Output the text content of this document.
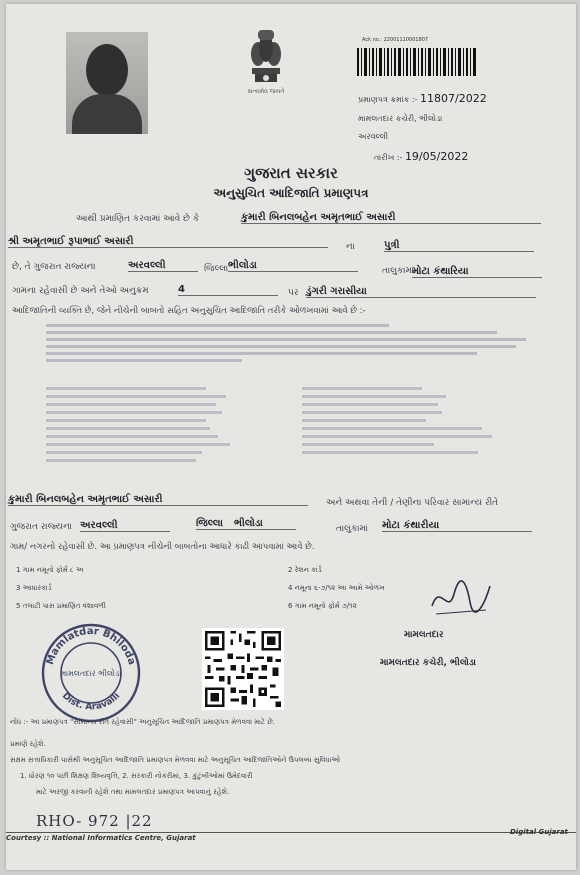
સત્યમેવ જયતે
Ack no.: 22001110001807
પ્રમાણપત્ર ક્રમાંક :- 11807/2022
મામલતદાર કચેરી, ભીલોડા
અરવલ્લી
તારીખ :- 19/05/2022
ગુજરાત સરકાર
અનુસુચિત આદિજાતિ પ્રમાણપત્ર
આથી પ્રમાણિત કરવામાં આવે છે કે	કુમારી બિનલબહેન અમૃતભાઈ અસારી
શ્રી અમૃતભાઈ રૂપાભાઈ અસારી	ના	પુત્રી
છે, તે ગુજરાત રાજ્યના	અરવલ્લી	જિલ્લા ભીલોડા	તાલુકામાં
મોટા કંથારિયા
ગામના રહેવાસી છે અને તેઓ અનુક્રમ	4	પર ડુંગરી ગરાસીયા
આદિજાતિની વ્યક્તિ છે, જેને નીચેની બાબતો સહિત અનુસુચિત આદિજાતિ તરીકે ઓળખવામાં આવે છે :-
કુમારી બિનલબહેન અમૃતભાઈ અસારી	અને અથવા તેની / તેણીના પરિવાર સામાન્ય રીતે
ગુજરાત રાજ્યના અરવલ્લી	જિલ્લા	ભીલોડા	તાલુકામાં મોટા કંથારીયા
ગામ/ નગરનો રહેવાસી છે. આ પ્રમાણપત્ર નીચેની બાબતોના આધારે કાઢી આપવામાં આવે છે.
1 ગામ નમૂનો ફોર્મ ૮ અ	2 રેશન કાર્ડ
3 આધારકાર્ડ	4 નમૂના ૬-૭/૧૨ આ આમે ઓળખ
5 તલાટી પાસ પ્રમાણિત વંશાવળી	6 ગામ નમૂનો ફોર્મ ૭/૧૨
Mamlatdar Bhiloda
Dist. Aravalli
મામલતદાર ભીલોડા
મામલતદાર
મામલતદાર કચેરી, ભીલોડા
નોંધ :- આ પ્રમાણપત્ર "સામાન્ય રીતે રહેવાસી" અનુસૂચિત આદિજાતિ પ્રમાણપત્ર મેળવવા માટે છે.
પ્રમાણે રહેશે.
સક્ષમ સત્તાધિકારી પાસેથી અનુસૂચિત આદિજાતિ પ્રમાણપત્ર મેળવવા માટે અનુસૂચિત આદિજાતિઓને ઉપલબ્ધ સુવિધાઓ
1. ધોરણ ૧૦ પછી શિક્ષણ શિષ્યવૃત્તિ, 2. સરકારી નોકરીમાં, 3. કુંટુંબીઓમાં ઉમેદવારી
માટે અરજી કરવાની રહેશે તથા મામલતદાર પ્રમાણપત્ર આપવાનું રહેશે.
RHO- 972 |22
Courtesy :: National Informatics Centre, Gujarat
Digital Gujarat
